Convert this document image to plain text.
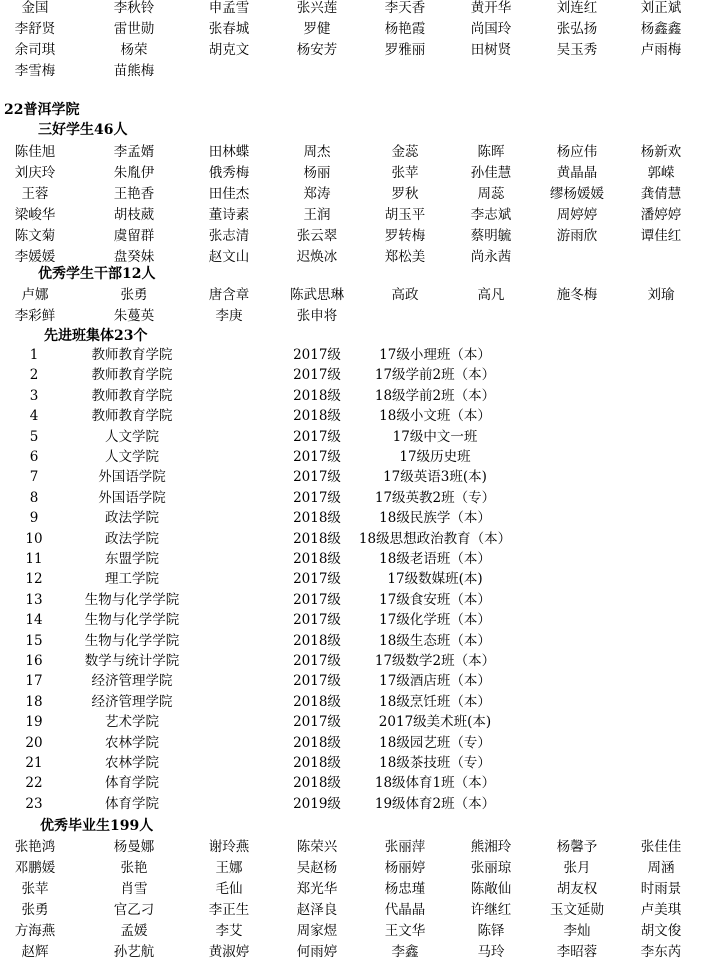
金国	李秋铃	申孟雪	张兴莲	李天香	黄开华	刘连红	刘正斌
李舒贤	雷世勋	张春城	罗健	杨艳霞	尚国玲	张弘扬	杨鑫鑫
余司琪	杨荣	胡克文	杨安芳	罗雅丽	田树贤	吴玉秀	卢雨梅
李雪梅	苗熊梅
22普洱学院
三好学生46人
陈佳旭	李孟婿	田林蝶	周杰	金蕊	陈晖	杨应伟	杨新欢
刘庆玲	朱胤伊	俄秀梅	杨丽	张苹	孙佳慧	黄晶晶	郭嵘
王蓉	王艳香	田佳杰	郑涛	罗秋	周蕊	缪杨媛媛	龚倩慧
梁峻华	胡枝葳	董诗素	王润	胡玉平	李志斌	周婷婷	潘婷婷
陈文菊	虞留群	张志清	张云翠	罗转梅	蔡明毓	游雨欣	谭佳红
李媛媛	盘癸妹	赵文山	迟焕冰	郑松美	尚永茜
优秀学生干部12人
卢娜	张勇	唐含章	陈武思琳	高政	高凡	施冬梅	刘瑜
李彩鲜	朱蔓英	李庚	张申将
先进班集体23个
1	教师教育学院	2017级	17级小理班（本）
2	教师教育学院	2017级	17级学前2班（本）
3	教师教育学院	2018级	18级学前2班（本）
4	教师教育学院	2018级	18级小文班（本）
5	人文学院	2017级	17级中文一班
6	人文学院	2017级	17级历史班
7	外国语学院	2017级	17级英语3班(本)
8	外国语学院	2017级	17级英教2班（专）
9	政法学院	2018级	18级民族学（本）
10	政法学院	2018级	18级思想政治教育（本）
11	东盟学院	2018级	18级老语班（本）
12	理工学院	2017级	17级数媒班(本)
13	生物与化学学院	2017级	17级食安班（本）
14	生物与化学学院	2017级	17级化学班（本）
15	生物与化学学院	2018级	18级生态班（本）
16	数学与统计学院	2017级	17级数学2班（本）
17	经济管理学院	2017级	17级酒店班（本）
18	经济管理学院	2018级	18级烹饪班（本）
19	艺术学院	2017级	2017级美术班(本)
20	农林学院	2018级	18级园艺班（专）
21	农林学院	2018级	18级茶技班（专）
22	体育学院	2018级	18级体育1班（本）
23	体育学院	2019级	19级体育2班（本）
优秀毕业生199人
张艳鸿	杨曼娜	谢玲燕	陈荣兴	张丽萍	熊湘玲	杨馨予	张佳佳
邓鹏媛	张艳	王娜	吴赵杨	杨丽婷	张丽琼	张月	周涵
张苹	肖雪	毛仙	郑光华	杨忠瑾	陈敞仙	胡友权	时雨景
张勇	官乙刁	李正生	赵泽良	代晶晶	许继红	玉文延勋	卢美琪
方海燕	孟媛	李艾	周家煜	王文华	陈铎	李灿	胡文俊
赵辉	孙艺航	黄淑婷	何雨婷	李鑫	马玲	李昭蓉	李东芮
